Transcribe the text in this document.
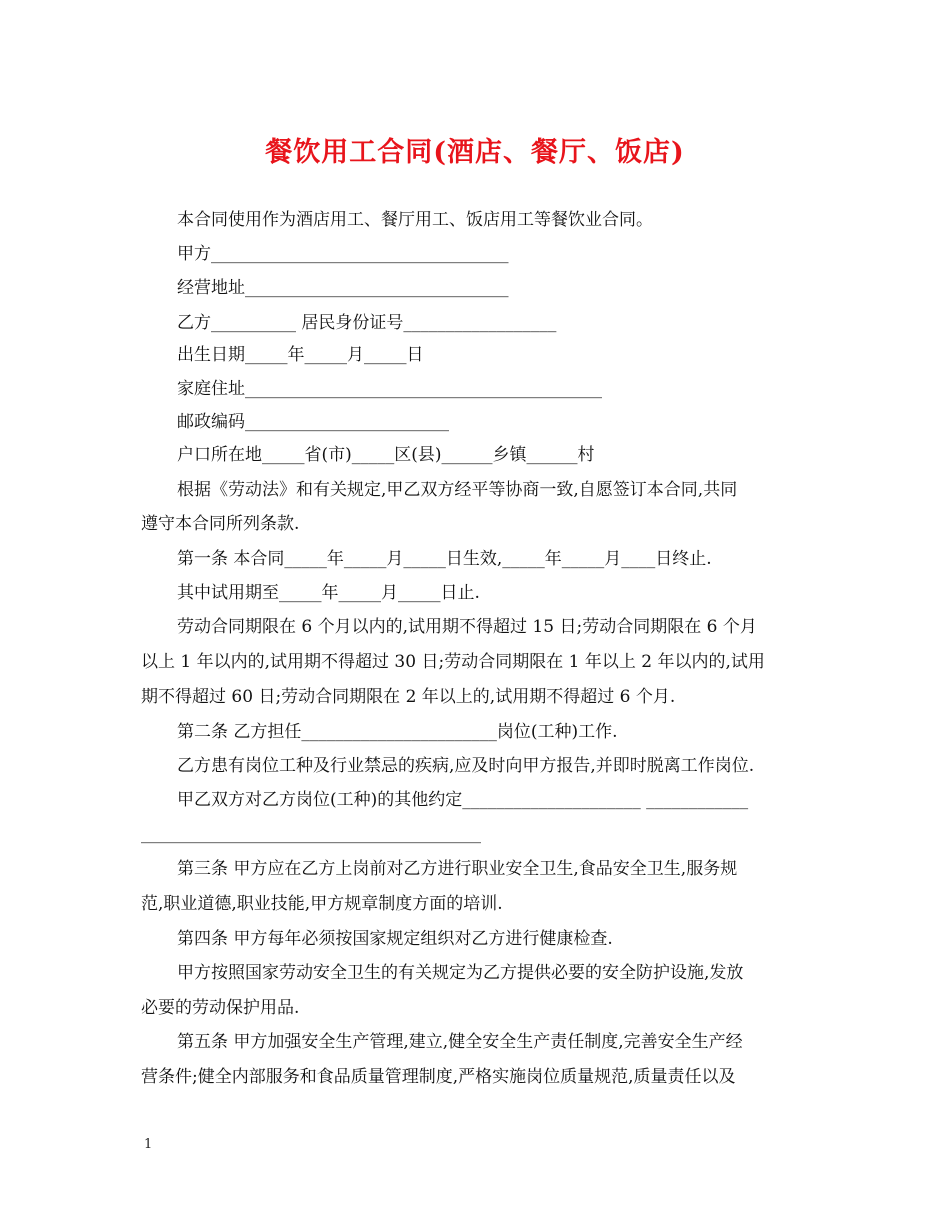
餐饮用工合同(酒店、餐厅、饭店)
本合同使用作为酒店用工、餐厅用工、饭店用工等餐饮业合同。
甲方___________________________________
经营地址_______________________________
乙方__________ 居民身份证号__________________
出生日期_____年_____月_____日
家庭住址__________________________________________
邮政编码________________________
户口所在地_____省(市)_____区(县)______乡镇______村
根据《劳动法》和有关规定,甲乙双方经平等协商一致,自愿签订本合同,共同
遵守本合同所列条款.
第一条 本合同_____年_____月_____日生效,_____年_____月____日终止.
其中试用期至_____年_____月_____日止.
劳动合同期限在 6 个月以内的,试用期不得超过 15 日;劳动合同期限在 6 个月
以上 1 年以内的,试用期不得超过 30 日;劳动合同期限在 1 年以上 2 年以内的,试用
期不得超过 60 日;劳动合同期限在 2 年以上的,试用期不得超过 6 个月.
第二条 乙方担任_______________________岗位(工种)工作.
乙方患有岗位工种及行业禁忌的疾病,应及时向甲方报告,并即时脱离工作岗位.
甲乙双方对乙方岗位(工种)的其他约定_____________________ ____________
________________________________________
第三条 甲方应在乙方上岗前对乙方进行职业安全卫生,食品安全卫生,服务规
范,职业道德,职业技能,甲方规章制度方面的培训.
第四条 甲方每年必须按国家规定组织对乙方进行健康检查.
甲方按照国家劳动安全卫生的有关规定为乙方提供必要的安全防护设施,发放
必要的劳动保护用品.
第五条 甲方加强安全生产管理,建立,健全安全生产责任制度,完善安全生产经
营条件;健全内部服务和食品质量管理制度,严格实施岗位质量规范,质量责任以及
1
